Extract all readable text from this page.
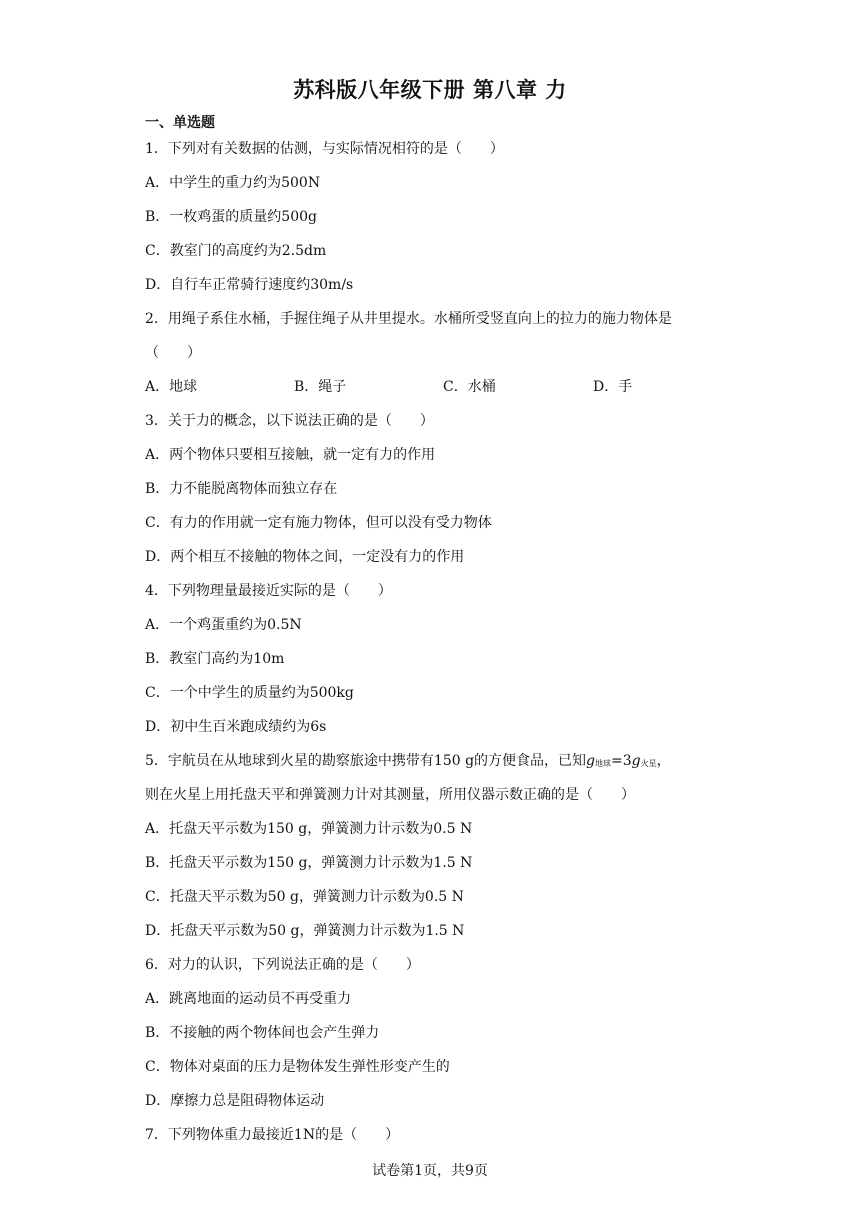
苏科版八年级下册 第八章 力
一、单选题
1．下列对有关数据的估测，与实际情况相符的是（　　）
A．中学生的重力约为500N
B．一枚鸡蛋的质量约500g
C．教室门的高度约为2.5dm
D．自行车正常骑行速度约30m/s
2．用绳子系住水桶，手握住绳子从井里提水。水桶所受竖直向上的拉力的施力物体是
（　　）
A．地球	B．绳子	C．水桶	D．手
3．关于力的概念，以下说法正确的是（　　）
A．两个物体只要相互接触，就一定有力的作用
B．力不能脱离物体而独立存在
C．有力的作用就一定有施力物体，但可以没有受力物体
D．两个相互不接触的物体之间，一定没有力的作用
4．下列物理量最接近实际的是（　　）
A．一个鸡蛋重约为0.5N
B．教室门高约为10m
C．一个中学生的质量约为500kg
D．初中生百米跑成绩约为6s
5．宇航员在从地球到火星的勘察旅途中携带有150 g的方便食品，已知$g_{地球}=3g_{火星}$，
则在火星上用托盘天平和弹簧测力计对其测量，所用仪器示数正确的是（　　）
A．托盘天平示数为150 g，弹簧测力计示数为0.5 N
B．托盘天平示数为150 g，弹簧测力计示数为1.5 N
C．托盘天平示数为50 g，弹簧测力计示数为0.5 N
D．托盘天平示数为50 g，弹簧测力计示数为1.5 N
6．对力的认识，下列说法正确的是（　　）
A．跳离地面的运动员不再受重力
B．不接触的两个物体间也会产生弹力
C．物体对桌面的压力是物体发生弹性形变产生的
D．摩擦力总是阻碍物体运动
7．下列物体重力最接近1N的是（　　）
试卷第1页，共9页
